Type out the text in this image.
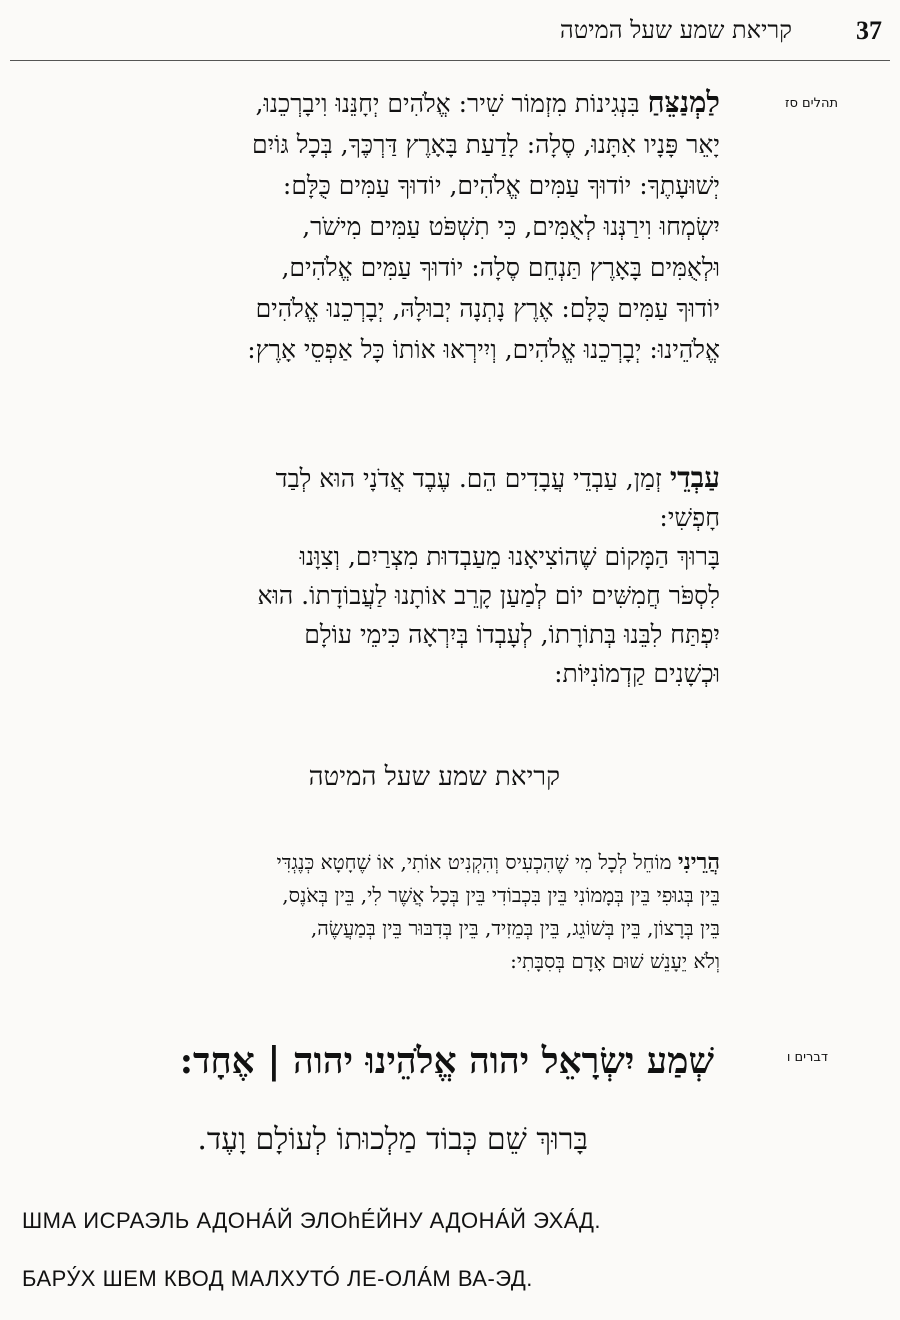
37
קריאת שמע שעל המיטה
תהלים סז
לַמְנַצֵּחַ בִּנְגִינוֹת מִזְמוֹר שִׁיר: אֱלֹהִים יְחָנֵּנוּ וִיבָרְכֵנוּ,
יָאֵר פָּנָיו אִתָּנוּ, סֶלָה: לָדַעַת בָּאָרֶץ דַּרְכֶּךָ, בְּכָל גּוֹיִם
יְשׁוּעָתֶךָ: יוֹדוּךָ עַמִּים אֱלֹהִים, יוֹדוּךָ עַמִּים כֻּלָּם:
יִשְׂמְחוּ וִירַנְּנוּ לְאֻמִּים, כִּי תִשְׁפֹּט עַמִּים מִישֹׁר,
וּלְאֻמִּים בָּאָרֶץ תַּנְחֵם סֶלָה: יוֹדוּךָ עַמִּים אֱלֹהִים,
יוֹדוּךָ עַמִּים כֻּלָּם: אֶרֶץ נָתְנָה יְבוּלָהּ, יְבָרְכֵנוּ אֱלֹהִים
אֱלֹהֵינוּ: יְבָרְכֵנוּ אֱלֹהִים, וְיִירְאוּ אוֹתוֹ כָּל אַפְסֵי אָרֶץ:
עַבְדֵי זְמַן, עַבְדֵי עֲבָדִים הֵם. עֶבֶד אֲדֹנָי הוּא לְבַד
חָפְשִׁי:
בָּרוּךְ הַמָּקוֹם שֶׁהוֹצִיאָנוּ מֵעַבְדוּת מִצְרַיִם, וְצִוָּנוּ
לִסְפֹּר חֲמִשִּׁים יוֹם לְמַעַן קָרֵב אוֹתָנוּ לַעֲבוֹדָתוֹ. הוּא
יִפְתַּח לִבֵּנוּ בְּתוֹרָתוֹ, לְעָבְדוֹ בְּיִרְאָה כִּימֵי עוֹלָם
וּכְשָׁנִים קַדְמוֹנִיּוֹת:
קריאת שמע שעל המיטה
הֲרֵינִי מוֹחֵל לְכָל מִי שֶׁהִכְעִיס וְהִקְנִיט אוֹתִי, אוֹ שֶׁחָטָא כְּנֶגְדִּי
בֵּין בְּגוּפִי בֵּין בְּמָמוֹנִי בֵּין בִּכְבוֹדִי בֵּין בְּכָל אֲשֶׁר לִי, בֵּין בְּאֹנֶס,
בֵּין בְּרָצוֹן, בֵּין בְּשׁוֹגֵג, בֵּין בְּמֵזִיד, בֵּין בְּדִבּוּר בֵּין בְּמַעֲשֶׂה,
וְלֹא יֵעָנֵשׁ שׁוּם אָדָם בְּסִבָּתִי:
דברים ו
שְׁמַע יִשְׂרָאֵל יהוה אֱלֹהֵינוּ יהוה | אֶחָד:
בָּרוּךְ שֵׁם כְּבוֹד מַלְכוּתוֹ לְעוֹלָם וָעֶד.
ШМА ИСРАЭЛЬ АДОНА́Й ЭЛОһЕ́ЙНУ АДОНА́Й ЭХА́Д.
БАРУ́Х ШЕМ КВОД МАЛХУТО́ ЛЕ-ОЛА́М ВА-ЭД.
